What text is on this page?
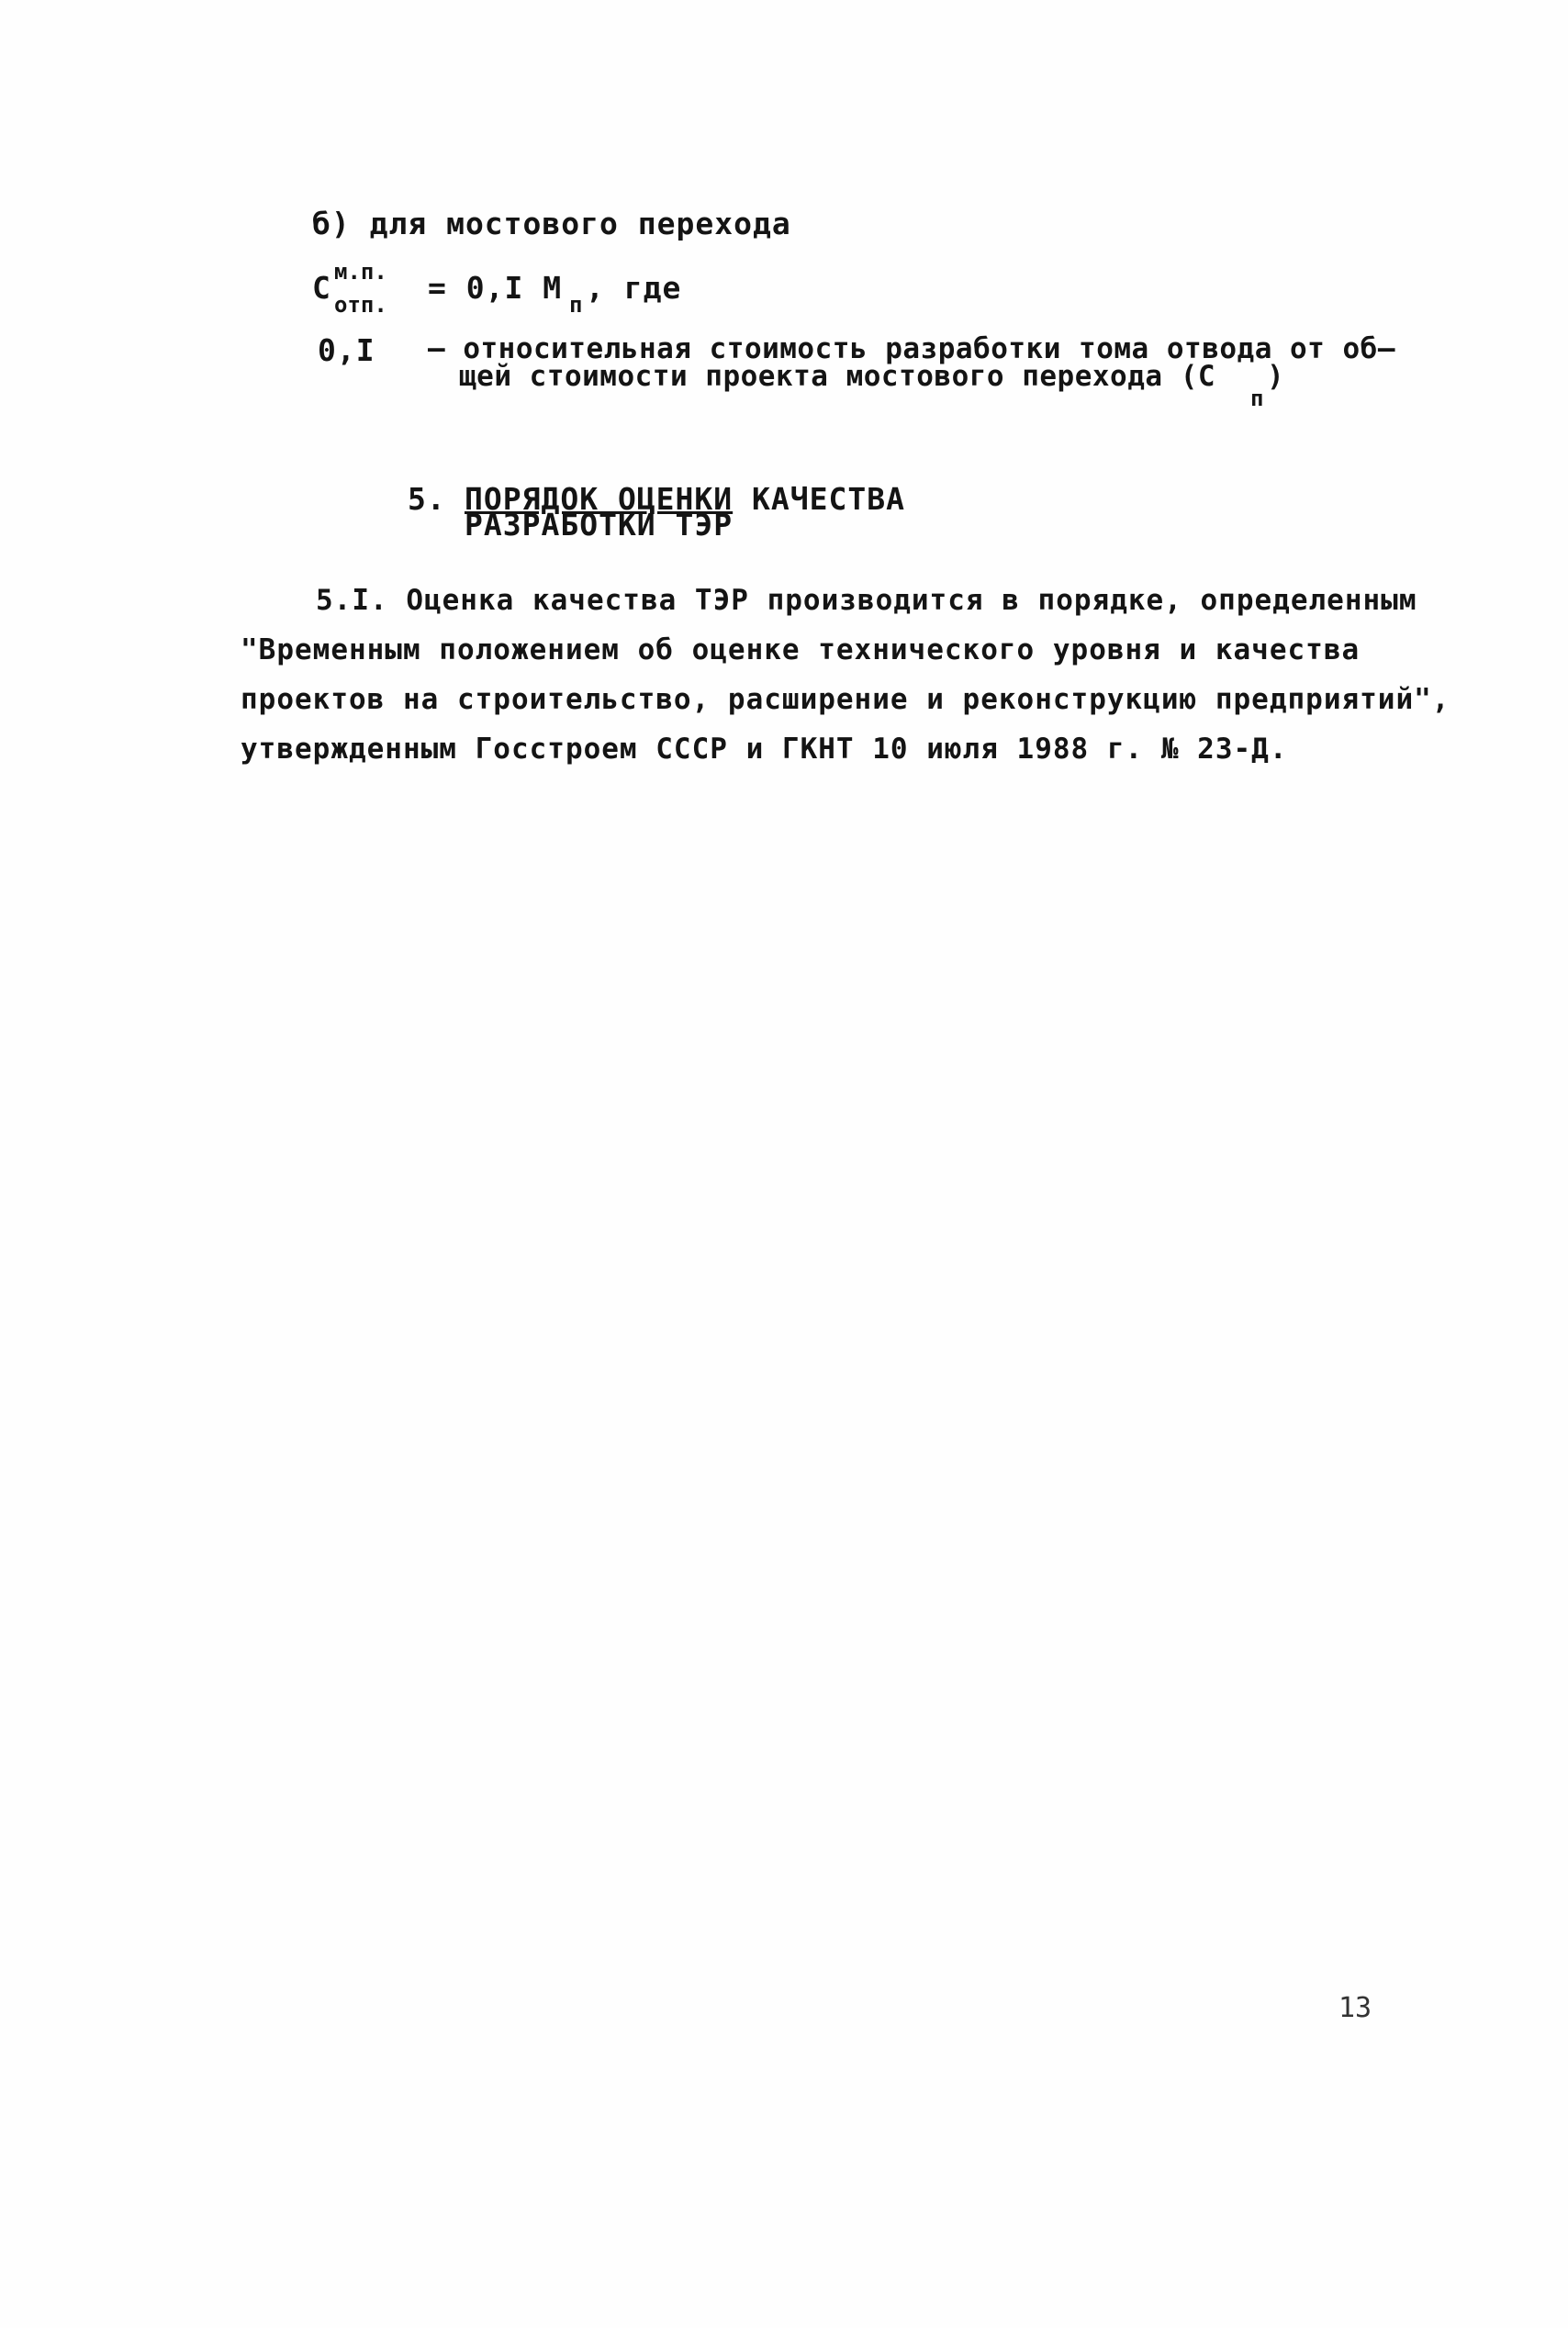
б) для мостового перехода
C м.п.
отп. = 0,I M п , где
0,I – относительная стоимость разработки тома отвода от об–
щей стоимости проекта мостового перехода (C
п
)
5. ПОРЯДОК ОЦЕНКИ КАЧЕСТВА
РАЗРАБОТКИ ТЭР
5.I. Оценка качества ТЭР производится в порядке, определенным
"Временным положением об оценке технического уровня и качества
проектов на строительство, расширение и реконструкцию предприятий",
утвержденным Госстроем СССР и ГКНТ 10 июля 1988 г. № 23-Д.
13
